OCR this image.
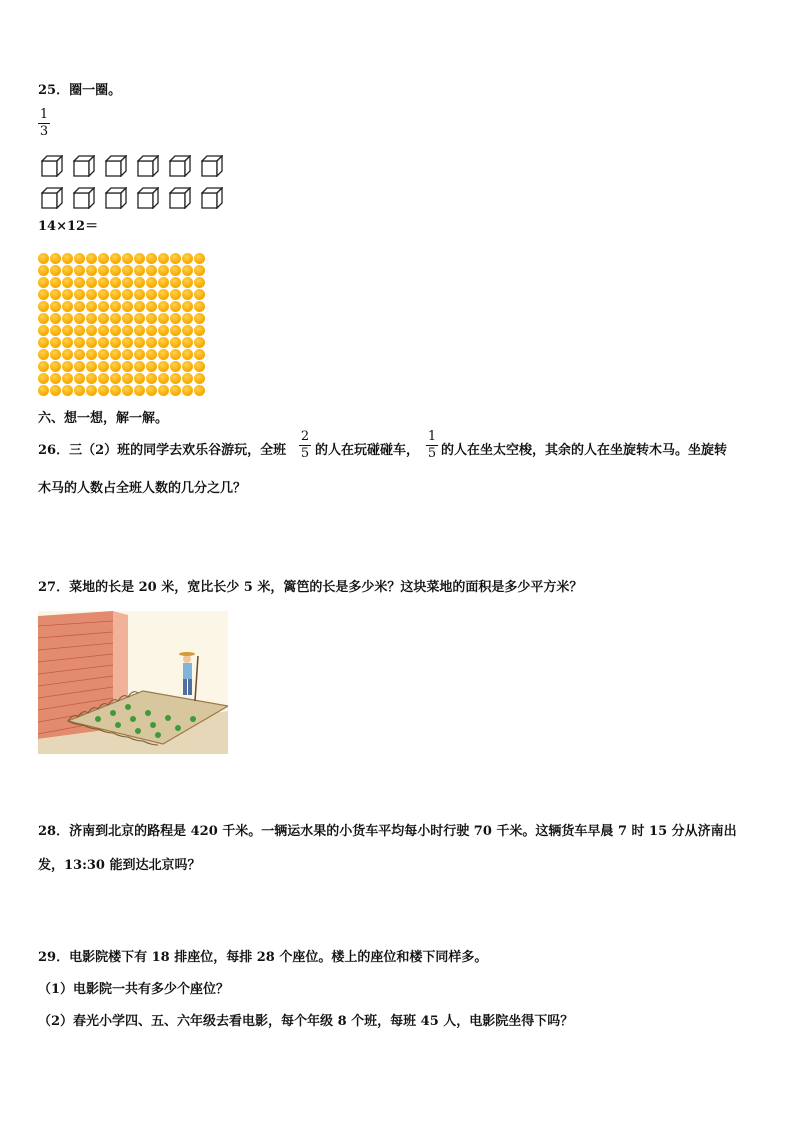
25．圈一圈。
1
3
14×12＝
六、想一想，解一解。
26．三（2）班的同学去欢乐谷游玩，全班
2
5 的人在玩碰碰车，
1
5 的人在坐太空梭，其余的人在坐旋转木马。坐旋转
木马的人数占全班人数的几分之几？
27．菜地的长是 20 米，宽比长少 5 米，篱笆的长是多少米？这块菜地的面积是多少平方米？
28．济南到北京的路程是 420 千米。一辆运水果的小货车平均每小时行驶 70 千米。这辆货车早晨 7 时 15 分从济南出
发，13:30 能到达北京吗？
29．电影院楼下有 18 排座位，每排 28 个座位。楼上的座位和楼下同样多。
（1）电影院一共有多少个座位？
（2）春光小学四、五、六年级去看电影，每个年级 8 个班，每班 45 人，电影院坐得下吗？
